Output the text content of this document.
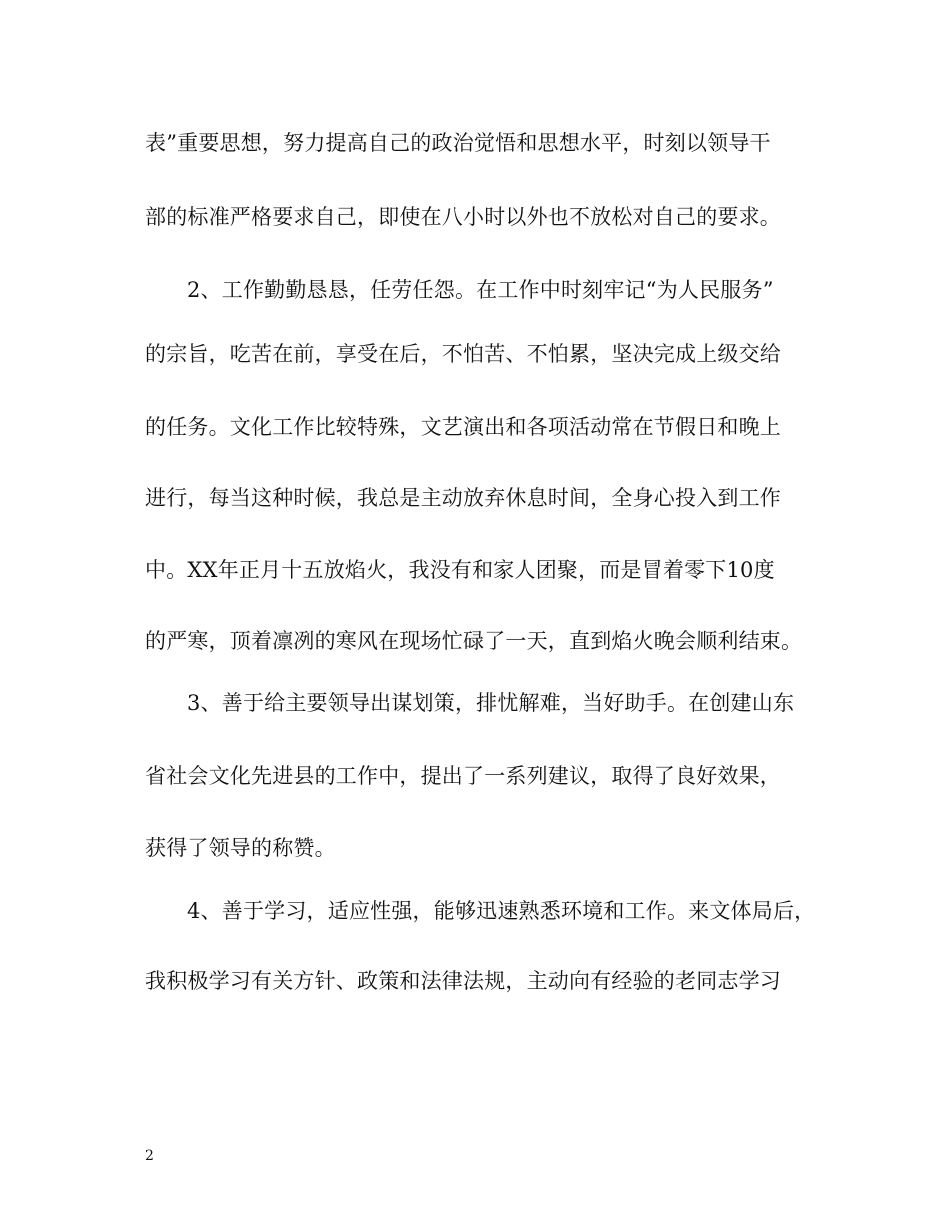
表”重要思想，努力提高自己的政治觉悟和思想水平，时刻以领导干
部的标准严格要求自己，即使在八小时以外也不放松对自己的要求。
2、工作勤勤恳恳，任劳任怨。在工作中时刻牢记“为人民服务”
的宗旨，吃苦在前，享受在后，不怕苦、不怕累，坚决完成上级交给
的任务。文化工作比较特殊，文艺演出和各项活动常在节假日和晚上
进行，每当这种时候，我总是主动放弃休息时间，全身心投入到工作
中。XX年正月十五放焰火，我没有和家人团聚，而是冒着零下10度
的严寒，顶着凛冽的寒风在现场忙碌了一天，直到焰火晚会顺利结束。
3、善于给主要领导出谋划策，排忧解难，当好助手。在创建山东
省社会文化先进县的工作中，提出了一系列建议，取得了良好效果，
获得了领导的称赞。
4、善于学习，适应性强，能够迅速熟悉环境和工作。来文体局后，
我积极学习有关方针、政策和法律法规，主动向有经验的老同志学习
2
